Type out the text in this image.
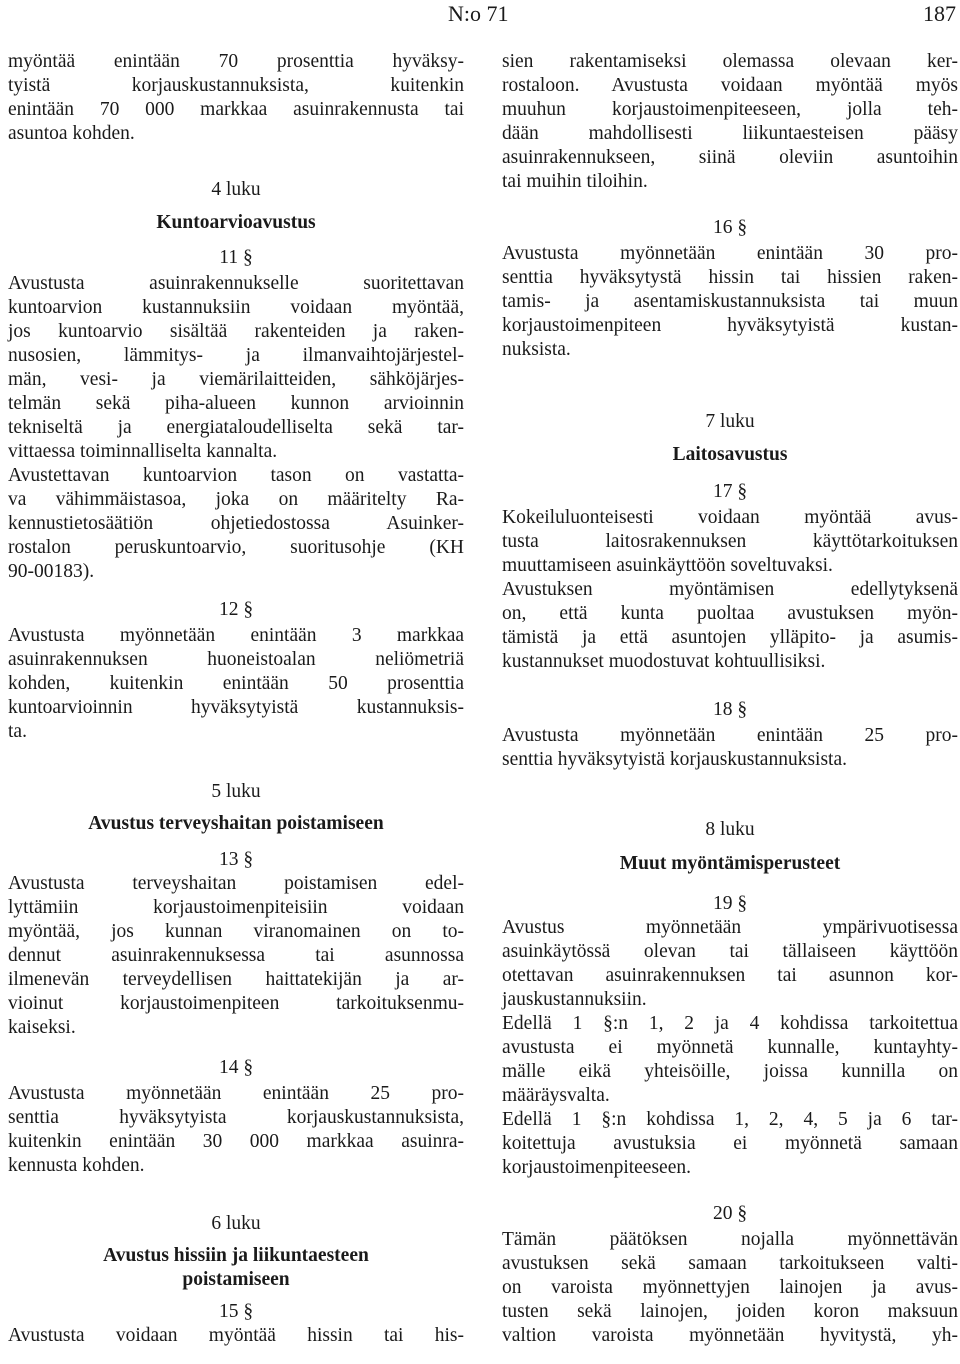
N:o 71	187
myöntää enintään 70 prosenttia hyväksy-
tyistä korjauskustannuksista, kuitenkin
enintään 70 000 markkaa asuinrakennusta tai
asuntoa kohden.
4 luku
Kuntoarvioavustus
11 §
Avustusta asuinrakennukselle suoritettavan
kuntoarvion kustannuksiin voidaan myöntää,
jos kuntoarvio sisältää rakenteiden ja raken-
nusosien, lämmitys- ja ilmanvaihtojärjestel-
män, vesi- ja viemärilaitteiden, sähköjärjes-
telmän sekä piha-alueen kunnon arvioinnin
tekniseltä ja energiataloudelliselta sekä tar-
vittaessa toiminnalliselta kannalta.
Avustettavan kuntoarvion tason on vastatta-
va vähimmäistasoa, joka on määritelty Ra-
kennustietosäätiön ohjetiedostossa Asuinker-
rostalon peruskuntoarvio, suoritusohje (KH
90-00183).
12 §
Avustusta myönnetään enintään 3 markkaa
asuinrakennuksen huoneistoalan neliömetriä
kohden, kuitenkin enintään 50 prosenttia
kuntoarvioinnin hyväksytyistä kustannuksis-
ta.
5 luku
Avustus terveyshaitan poistamiseen
13 §
Avustusta terveyshaitan poistamisen edel-
lyttämiin korjaustoimenpiteisiin voidaan
myöntää, jos kunnan viranomainen on to-
dennut asuinrakennuksessa tai asunnossa
ilmenevän terveydellisen haittatekijän ja ar-
vioinut korjaustoimenpiteen tarkoituksenmu-
kaiseksi.
14 §
Avustusta myönnetään enintään 25 pro-
senttia hyväksytyista korjauskustannuksista,
kuitenkin enintään 30 000 markkaa asuinra-
kennusta kohden.
6 luku
Avustus hissiin ja liikuntaesteen
poistamiseen
15 §
Avustusta voidaan myöntää hissin tai his-
sien rakentamiseksi olemassa olevaan ker-
rostaloon. Avustusta voidaan myöntää myös
muuhun korjaustoimenpiteeseen, jolla teh-
dään mahdollisesti liikuntaesteisen pääsy
asuinrakennukseen, siinä oleviin asuntoihin
tai muihin tiloihin.
16 §
Avustusta myönnetään enintään 30 pro-
senttia hyväksytystä hissin tai hissien raken-
tamis- ja asentamiskustannuksista tai muun
korjaustoimenpiteen hyväksytyistä kustan-
nuksista.
7 luku
Laitosavustus
17 §
Kokeiluluonteisesti voidaan myöntää avus-
tusta laitosrakennuksen käyttötarkoituksen
muuttamiseen asuinkäyttöön soveltuvaksi.
Avustuksen myöntämisen edellytyksenä
on, että kunta puoltaa avustuksen myön-
tämistä ja että asuntojen ylläpito- ja asumis-
kustannukset muodostuvat kohtuullisiksi.
18 §
Avustusta myönnetään enintään 25 pro-
senttia hyväksytyistä korjauskustannuksista.
8 luku
Muut myöntämisperusteet
19 §
Avustus myönnetään ympärivuotisessa
asuinkäytössä olevan tai tällaiseen käyttöön
otettavan asuinrakennuksen tai asunnon kor-
jauskustannuksiin.
Edellä 1 §:n 1, 2 ja 4 kohdissa tarkoitettua
avustusta ei myönnetä kunnalle, kuntayhty-
mälle eikä yhteisöille, joissa kunnilla on
määräysvalta.
Edellä 1 §:n kohdissa 1, 2, 4, 5 ja 6 tar-
koitettuja avustuksia ei myönnetä samaan
korjaustoimenpiteeseen.
20 §
Tämän päätöksen nojalla myönnettävän
avustuksen sekä samaan tarkoitukseen valti-
on varoista myönnettyjen lainojen ja avus-
tusten sekä lainojen, joiden koron maksuun
valtion varoista myönnetään hyvitystä, yh-
